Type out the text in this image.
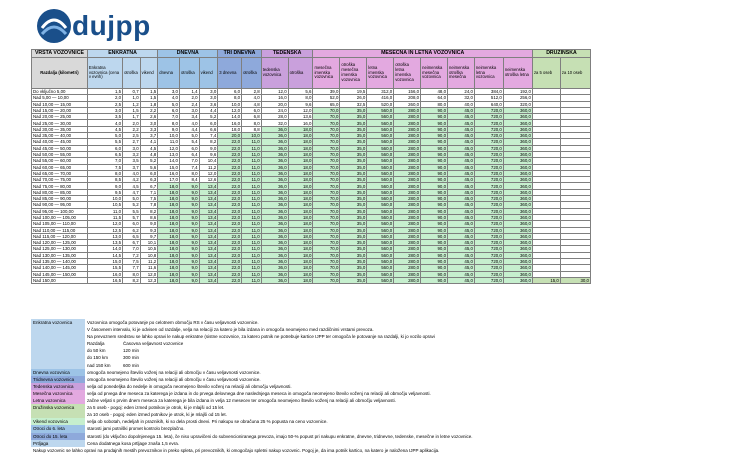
dujpp
VRSTA VOZOVNICE	ENKRATNA			DNEVNA			TRI DNEVNA		TEDENSKA		MESEČNA IN LETNA VOZOVNICA								DRUŽINSKA	
Razdalja (kilometri)	Enkratna vozovnica (cena v evrih)	otroška	vikend	dnevna	otroška	vikend	3 dnevna	otroška	tedenska vozovnica	otroška	mesečna imenska vozovnica	otroška mesečna imenska vozovnica	letna imenska vozovnica	otroška letna imenska vozovnica	neimenska mesečna vozovnica	neimenska otroška mesečna	neimenska letna vozovnica	neimenska otroška letna	za 5 oseb	za 10 oseb
Do vključno 5,00	1,5	0,7	1,5	3,0	1,4	3,0	6,0	2,8	12,0	5,6	39,0	19,5	312,0	156,0	48,0	24,0	384,0	192,0		
Nad 5,00 — 10,00	2,0	1,0	1,5	4,0	2,0	3,0	8,0	4,0	16,0	8,0	52,0	26,0	416,0	208,0	64,0	32,0	512,0	256,0		
Nad 10,00 — 15,00	2,5	1,2	1,8	5,0	2,4	3,6	10,0	4,8	20,0	9,6	65,0	32,5	520,0	260,0	80,0	40,0	640,0	320,0		
Nad 15,00 — 20,00	3,0	1,5	2,2	6,0	3,0	4,4	12,0	6,0	24,0	12,0	70,0	35,0	560,0	280,0	90,0	45,0	720,0	360,0		
Nad 20,00 — 25,00	3,5	1,7	2,6	7,0	3,4	5,2	14,0	6,8	28,0	13,6	70,0	35,0	560,0	280,0	90,0	45,0	720,0	360,0		
Nad 25,00 — 30,00	4,0	2,0	3,0	8,0	4,0	6,0	16,0	8,0	32,0	16,0	70,0	35,0	560,0	280,0	90,0	45,0	720,0	360,0		
Nad 30,00 — 35,00	4,5	2,2	3,3	9,0	4,4	6,6	18,0	8,8	36,0	18,0	70,0	35,0	560,0	280,0	90,0	45,0	720,0	360,0		
Nad 35,00 — 40,00	5,0	2,5	3,7	10,0	5,0	7,4	20,0	10,0	36,0	18,0	70,0	35,0	560,0	280,0	90,0	45,0	720,0	360,0		
Nad 40,00 — 45,00	5,5	2,7	4,1	11,0	5,4	8,2	22,0	11,0	36,0	18,0	70,0	35,0	560,0	280,0	90,0	45,0	720,0	360,0		
Nad 45,00 — 50,00	6,0	3,0	4,5	12,0	6,0	9,0	22,0	11,0	36,0	18,0	70,0	35,0	560,0	280,0	90,0	45,0	720,0	360,0		
Nad 50,00 — 55,00	6,5	3,2	4,8	13,0	6,4	9,6	22,0	11,0	36,0	18,0	70,0	35,0	560,0	280,0	90,0	45,0	720,0	360,0		
Nad 55,00 — 60,00	7,0	3,5	5,2	14,0	7,0	10,4	22,0	11,0	36,0	18,0	70,0	35,0	560,0	280,0	90,0	45,0	720,0	360,0		
Nad 60,00 — 65,00	7,5	3,7	5,6	15,0	7,4	11,2	22,0	11,0	36,0	18,0	70,0	35,0	560,0	280,0	90,0	45,0	720,0	360,0		
Nad 65,00 — 70,00	8,0	4,0	6,0	16,0	8,0	12,0	22,0	11,0	36,0	18,0	70,0	35,0	560,0	280,0	90,0	45,0	720,0	360,0		
Nad 70,00 — 75,00	8,5	4,2	6,3	17,0	8,4	12,6	22,0	11,0	36,0	18,0	70,0	35,0	560,0	280,0	90,0	45,0	720,0	360,0		
Nad 75,00 — 80,00	9,0	4,5	6,7	18,0	9,0	13,4	22,0	11,0	36,0	18,0	70,0	35,0	560,0	280,0	90,0	45,0	720,0	360,0		
Nad 80,00 — 85,00	9,5	4,7	7,1	18,0	9,0	13,4	22,0	11,0	36,0	18,0	70,0	35,0	560,0	280,0	90,0	45,0	720,0	360,0		
Nad 85,00 — 90,00	10,0	5,0	7,5	18,0	9,0	13,4	22,0	11,0	36,0	18,0	70,0	35,0	560,0	280,0	90,0	45,0	720,0	360,0		
Nad 90,00 — 95,00	10,5	5,2	7,8	18,0	9,0	13,4	22,0	11,0	36,0	18,0	70,0	35,0	560,0	280,0	90,0	45,0	720,0	360,0		
Nad 95,00 — 100,00	11,0	5,5	8,2	18,0	9,0	13,4	22,0	11,0	36,0	18,0	70,0	35,0	560,0	280,0	90,0	45,0	720,0	360,0		
Nad 100,00 — 105,00	11,5	5,7	8,6	18,0	9,0	13,4	22,0	11,0	36,0	18,0	70,0	35,0	560,0	280,0	90,0	45,0	720,0	360,0		
Nad 105,00 — 110,00	12,0	6,0	9,0	18,0	9,0	13,4	22,0	11,0	36,0	18,0	70,0	35,0	560,0	280,0	90,0	45,0	720,0	360,0		
Nad 110,00 — 115,00	12,5	6,2	9,3	18,0	9,0	13,4	22,0	11,0	36,0	18,0	70,0	35,0	560,0	280,0	90,0	45,0	720,0	360,0		
Nad 115,00 — 120,00	13,0	6,5	9,7	18,0	9,0	13,4	22,0	11,0	36,0	18,0	70,0	35,0	560,0	280,0	90,0	45,0	720,0	360,0		
Nad 120,00 — 125,00	13,5	6,7	10,1	18,0	9,0	13,4	22,0	11,0	36,0	18,0	70,0	35,0	560,0	280,0	90,0	45,0	720,0	360,0		
Nad 125,00 — 130,00	14,0	7,0	10,5	18,0	9,0	13,4	22,0	11,0	36,0	18,0	70,0	35,0	560,0	280,0	90,0	45,0	720,0	360,0		
Nad 130,00 — 135,00	14,5	7,2	10,8	18,0	9,0	13,4	22,0	11,0	36,0	18,0	70,0	35,0	560,0	280,0	90,0	45,0	720,0	360,0		
Nad 135,00 — 140,00	15,0	7,5	11,2	18,0	9,0	13,4	22,0	11,0	36,0	18,0	70,0	35,0	560,0	280,0	90,0	45,0	720,0	360,0		
Nad 140,00 — 145,00	15,5	7,7	11,6	18,0	9,0	13,4	22,0	11,0	36,0	18,0	70,0	35,0	560,0	280,0	90,0	45,0	720,0	360,0		
Nad 145,00 — 150,00	16,0	8,0	12,0	18,0	9,0	13,4	22,0	11,0	36,0	18,0	70,0	35,0	560,0	280,0	90,0	45,0	720,0	360,0		
Nad 150,00	16,5	8,2	12,3	18,0	9,0	13,4	22,0	11,0	36,0	18,0	70,0	35,0	560,0	280,0	90,0	45,0	720,0	360,0	15,0	30,0
Enkratna vozovnica	Vozovnica omogoča potovanje po celotnem območju RS v času veljavnosti vozovnice.
V časovnem intervalu, ki je odvisen od razdalje, velja na relaciji za katero je bila izdana in omogoča neomejeno med razdičnimi vrstami prevoza.
Na prevoznem sredstvu se lahko opravi le nakup enkratne (sistne vozovnice, za katero potnik ne potrebuje kartice IJPP ter omogoča le potovanje na razdalji, ki jo vozilo opravi
Razdalja	Časovna veljavnost vozovnice
do 50 km	120 min
do 150 km	300 min
nad 150 km	600 min
Dnevna vozovnica	omogoča neomejeno število voženj na relaciji ali območju v času veljavnosti vozovnice.
Tridnevna vozovnica	omogoča neomejeno število voženj na relaciji ali območju v času veljavnosti vozovnice.
Tedenska vozovnica	velja od ponedeljka do nedelje in omogoča neomejeno število voženj na relaciji ali območju veljavnosti.
Mesečna vozovnica	velja od prvega dne meseca za katerega je izdana in do prvega delovnega dne naslednjega meseca in omogoča neomejeno število voženj na relaciji ali območju veljavnosti.
Letna vozovnica	začne veljati s prvim dnem meseca za katerega je bila izdana in velja 12 mesecev ter omogoča neomejeno število voženj na relaciji ali območju veljavnosti.
Družinska vozovnica	za 5 oseb - pogoj: eden izmed potnikov je otrok, ki je mlajši od 15 let.
za 10 oseb - pogoj: eden izmed potnikov je otrok, ki je mlajši od 15 let.
Vikend vozovnica	velja ob sobotah, nedeljah in praznikih, ki so dela prosti dnevi. Pri nakupu se obračuna 25 % popusta na ceno vozovnice.
Otroci do 6. leta	starosti jami potniški promet kontrolo brezplačno.
Otroci do 15. leta	starosti (do vključno dopolnjenega 15. leta), če niso upravičeni do subvencioniranega prevoza, imajo 50-% popust pri nakupu enkratne, dnevne, tridnevne, tedenske, mesečne in letne vozovnice.
Prtljaga	Cena dodatnega kosa prtljage znaša 1,5 evra.
Nakup vozovnic se lahko opravi na prodajnih mestih prevoznikov in preko spleta, pri prevoznikih, ki omogočajo spletni nakup vozovnic. Pogoj je, da ima potnik kartico, na katero je naložena IJPP aplikacija.
